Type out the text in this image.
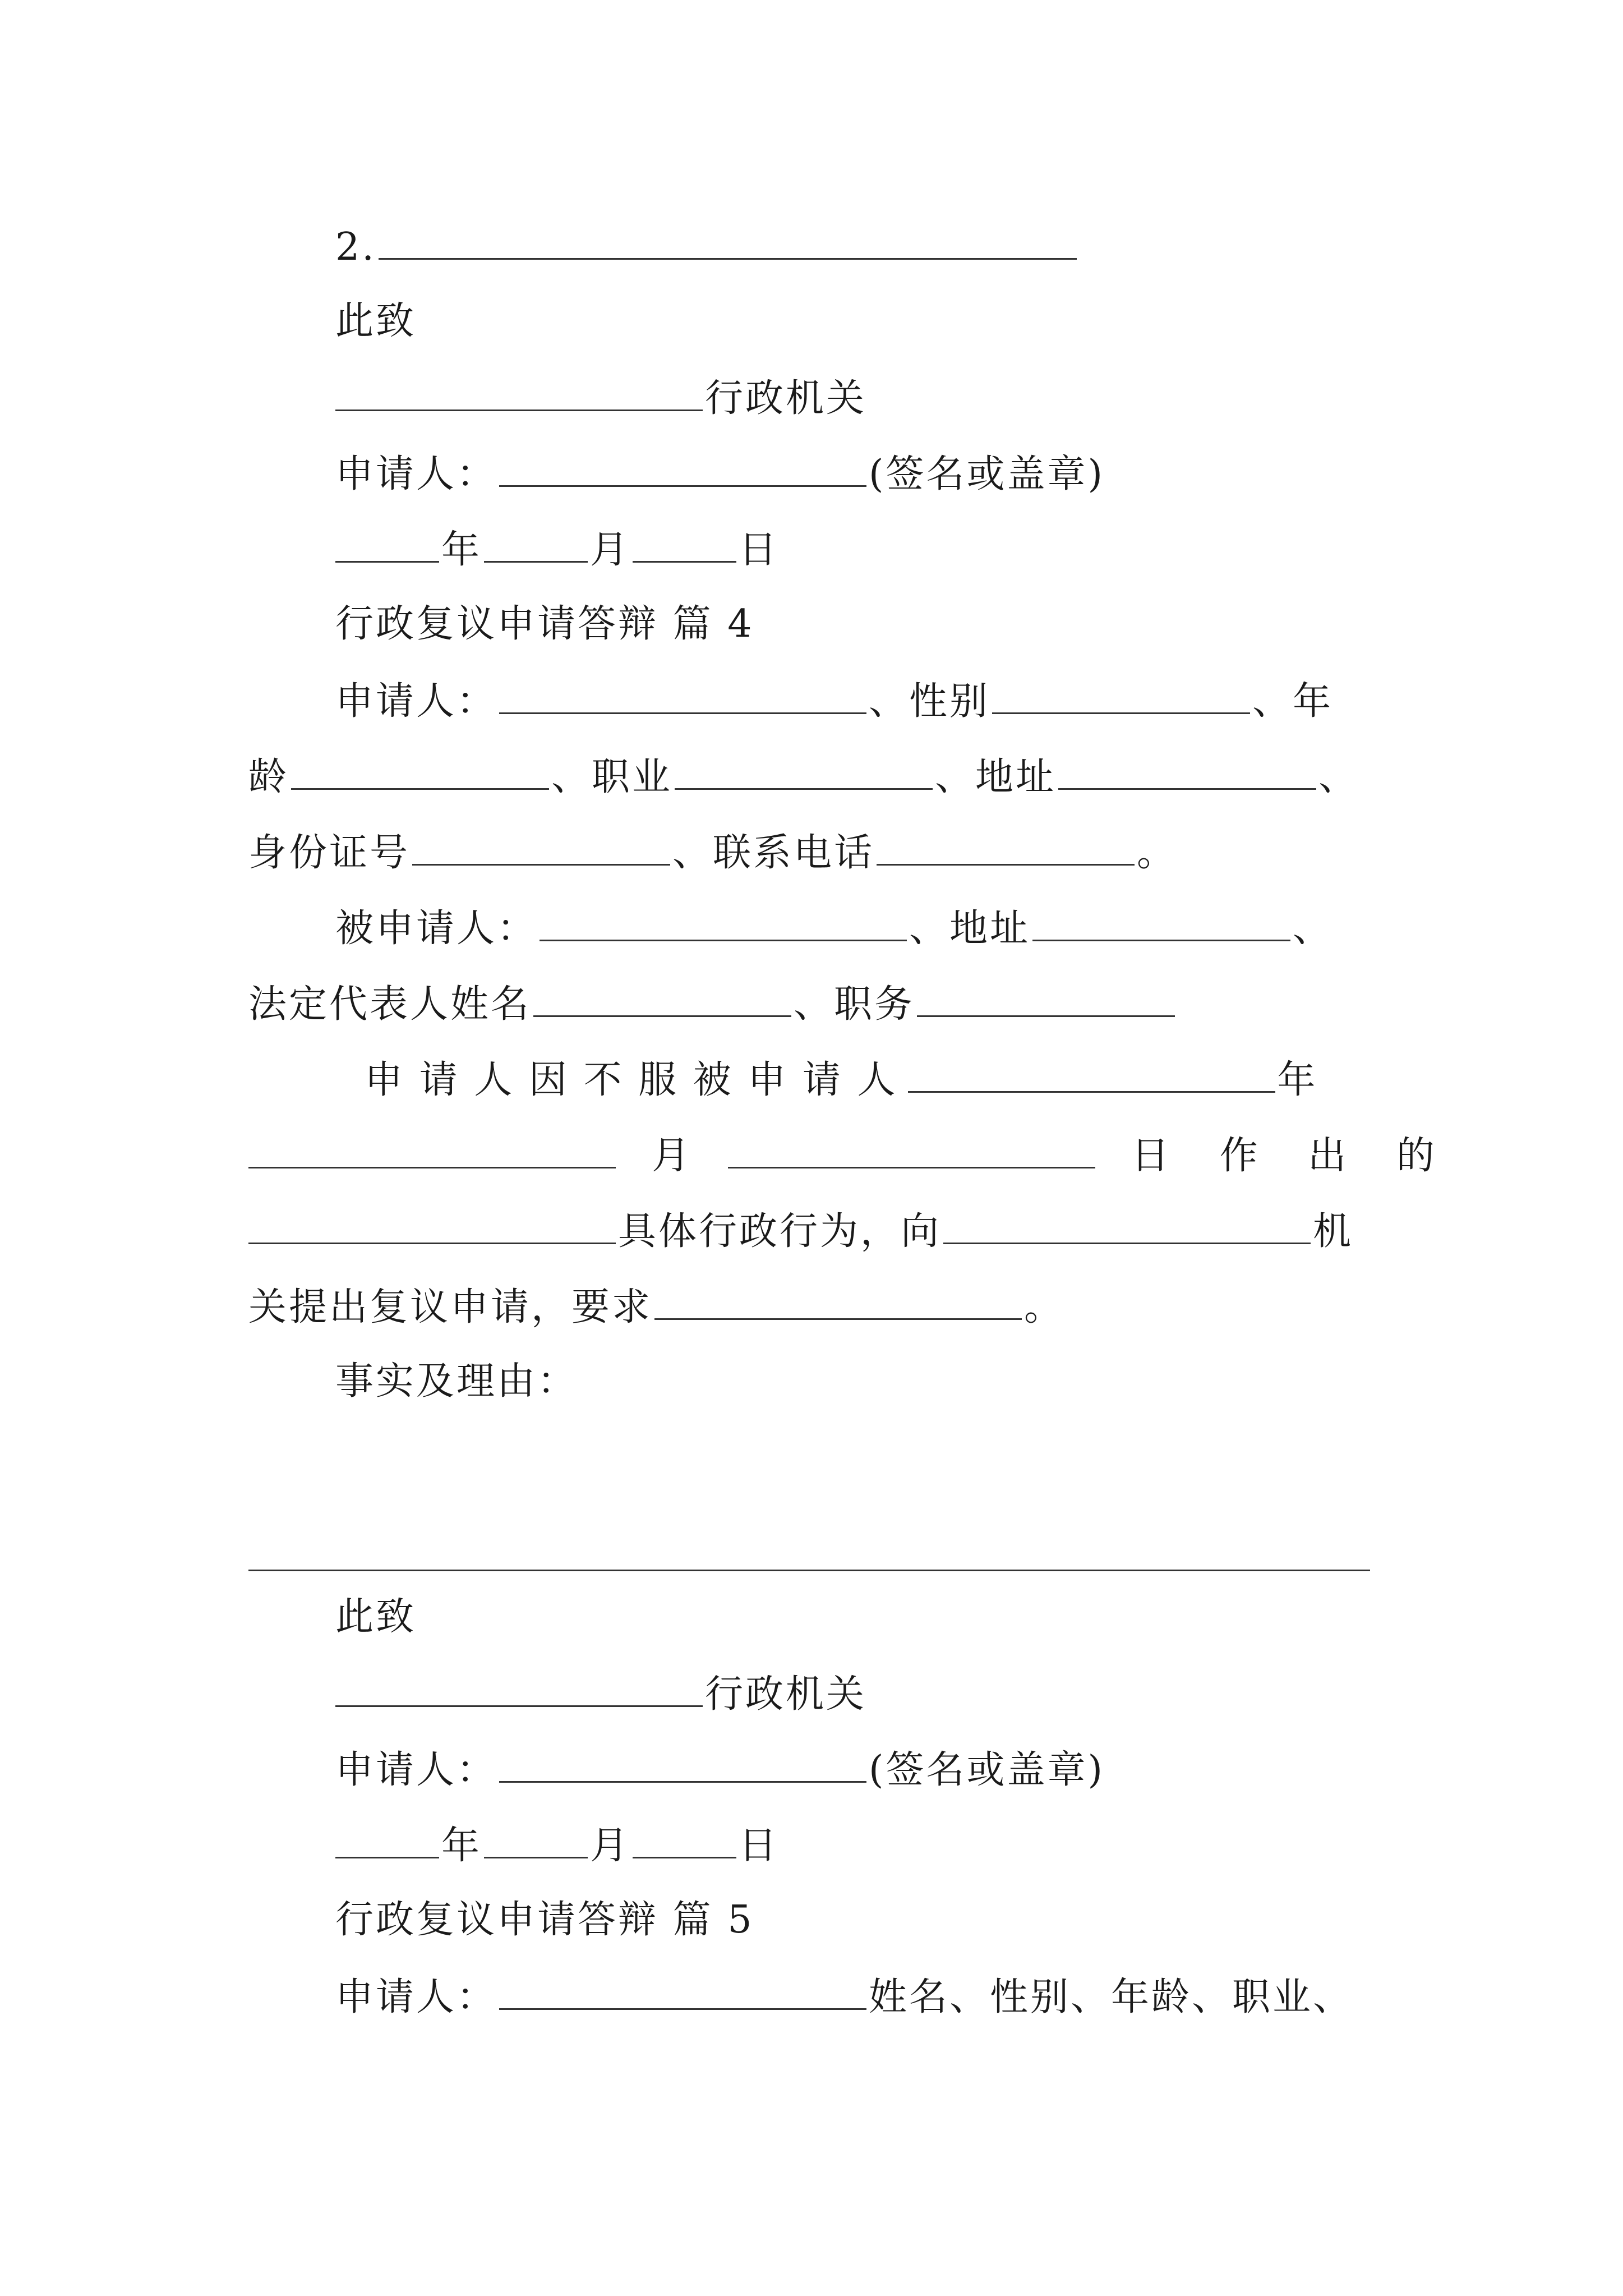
2.
此致
行政机关
申请人：	(签名或盖章)
年	月	日
行政复议申请答辩 篇 4
申请人：	、性别	、年
龄	、职业	、地址	、
身份证号	、联系电话	。
被申请人：	、地址	、
法定代表人姓名	、职务
申 请 人 因 不 服 被 申 请 人	年
月	日 作 出 的
具体行政行为，向	机
关提出复议申请，要求	。
事实及理由：
此致
行政机关
申请人：	(签名或盖章)
年	月	日
行政复议申请答辩 篇 5
申请人：	姓名、性别、年龄、职业、
